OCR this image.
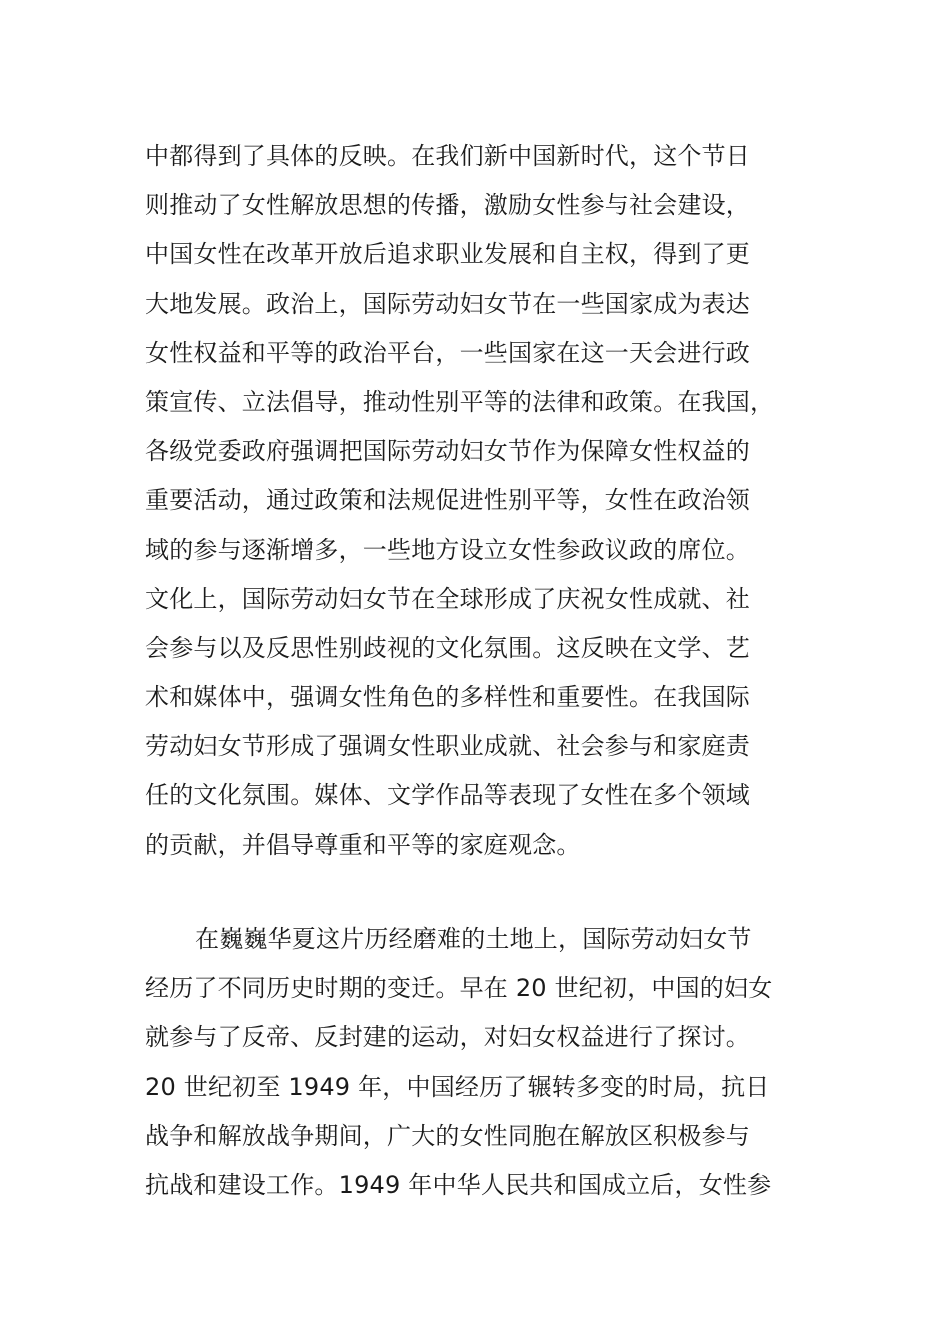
中都得到了具体的反映。在我们新中国新时代，这个节日
则推动了女性解放思想的传播，激励女性参与社会建设，
中国女性在改革开放后追求职业发展和自主权，得到了更
大地发展。政治上，国际劳动妇女节在一些国家成为表达
女性权益和平等的政治平台，一些国家在这一天会进行政
策宣传、立法倡导，推动性别平等的法律和政策。在我国，
各级党委政府强调把国际劳动妇女节作为保障女性权益的
重要活动，通过政策和法规促进性别平等，女性在政治领
域的参与逐渐增多，一些地方设立女性参政议政的席位。
文化上，国际劳动妇女节在全球形成了庆祝女性成就、社
会参与以及反思性别歧视的文化氛围。这反映在文学、艺
术和媒体中，强调女性角色的多样性和重要性。在我国际
劳动妇女节形成了强调女性职业成就、社会参与和家庭责
任的文化氛围。媒体、文学作品等表现了女性在多个领域
的贡献，并倡导尊重和平等的家庭观念。
在巍巍华夏这片历经磨难的土地上，国际劳动妇女节
经历了不同历史时期的变迁。早在 20 世纪初，中国的妇女
就参与了反帝、反封建的运动，对妇女权益进行了探讨。
20 世纪初至 1949 年，中国经历了辗转多变的时局，抗日
战争和解放战争期间，广大的女性同胞在解放区积极参与
抗战和建设工作。1949 年中华人民共和国成立后，女性参
